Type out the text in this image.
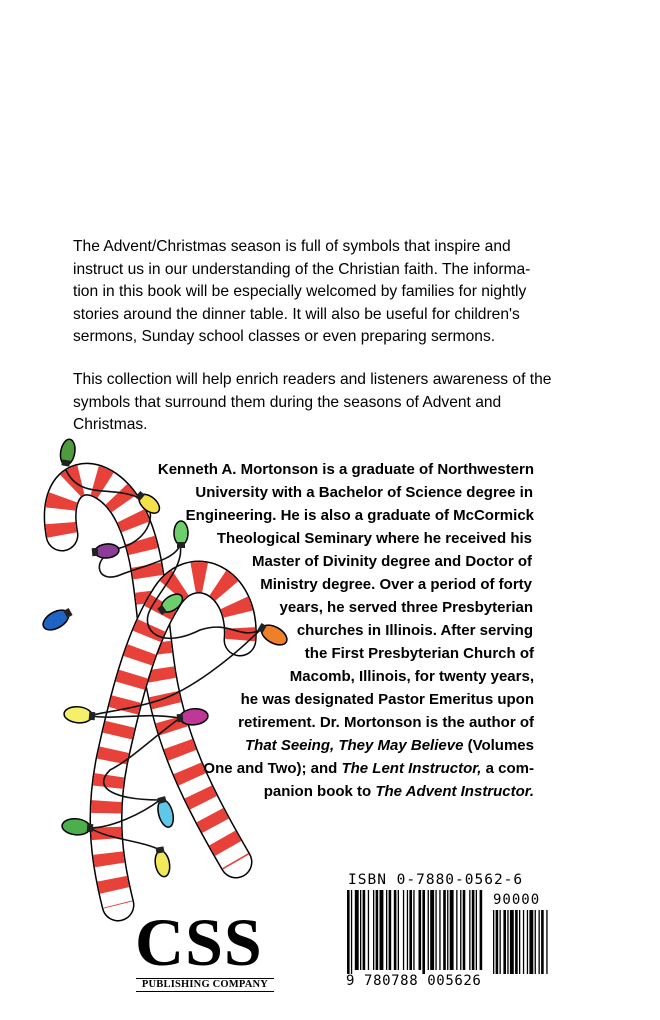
The Advent/Christmas season is full of symbols that inspire and
instruct us in our understanding of the Christian faith. The informa-
tion in this book will be especially welcomed by families for nightly
stories around the dinner table. It will also be useful for children's
sermons, Sunday school classes or even preparing sermons.
This collection will help enrich readers and listeners awareness of the
symbols that surround them during the seasons of Advent and
Christmas.
Kenneth A. Mortonson is a graduate of Northwestern
University with a Bachelor of Science degree in
Engineering. He is also a graduate of McCormick
Theological Seminary where he received his
Master of Divinity degree and Doctor of
Ministry degree. Over a period of forty
years, he served three Presbyterian
churches in Illinois. After serving
the First Presbyterian Church of
Macomb, Illinois, for twenty years,
he was designated Pastor Emeritus upon
retirement. Dr. Mortonson is the author of
That Seeing, They May Believe (Volumes
One and Two); and The Lent Instructor, a com-
panion book to The Advent Instructor.
ISBN 0-7880-0562-6
90000
9 780788 005626
CSS
PUBLISHING COMPANY
